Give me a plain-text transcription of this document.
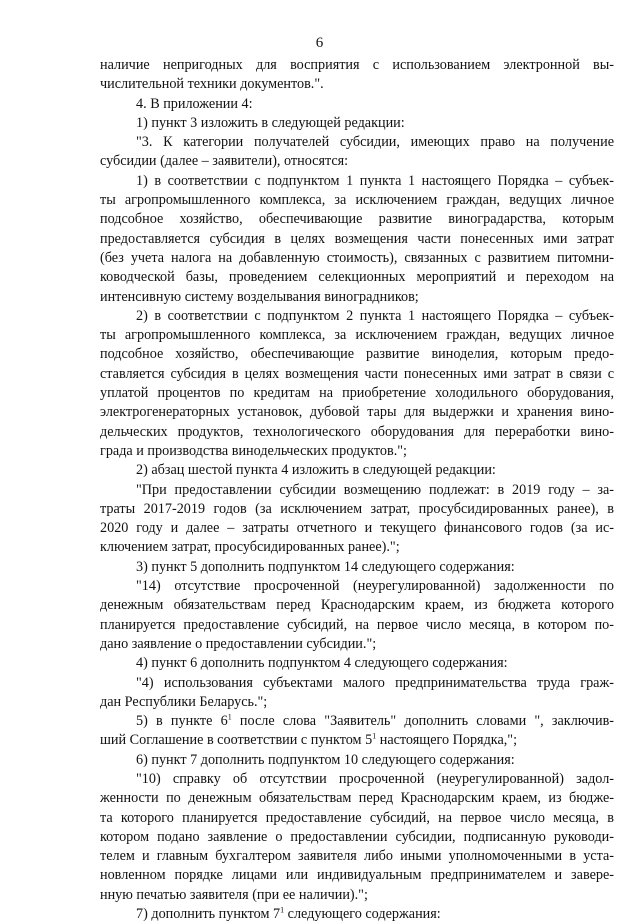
6
наличие непригодных для восприятия с использованием электронной вы-
числительной техники документов.".
4. В приложении 4:
1) пункт 3 изложить в следующей редакции:
"3. К категории получателей субсидии, имеющих право на получение
субсидии (далее – заявители), относятся:
1) в соответствии с подпунктом 1 пункта 1 настоящего Порядка – субъек-
ты агропромышленного комплекса, за исключением граждан, ведущих личное
подсобное хозяйство, обеспечивающие развитие виноградарства, которым
предоставляется субсидия в целях возмещения части понесенных ими затрат
(без учета налога на добавленную стоимость), связанных с развитием питомни-
ководческой базы, проведением селекционных мероприятий и переходом на
интенсивную систему возделывания виноградников;
2) в соответствии с подпунктом 2 пункта 1 настоящего Порядка – субъек-
ты агропромышленного комплекса, за исключением граждан, ведущих личное
подсобное хозяйство, обеспечивающие развитие виноделия, которым предо-
ставляется субсидия в целях возмещения части понесенных ими затрат в связи с
уплатой процентов по кредитам на приобретение холодильного оборудования,
электрогенераторных установок, дубовой тары для выдержки и хранения вино-
дельческих продуктов, технологического оборудования для переработки вино-
града и производства винодельческих продуктов.";
2) абзац шестой пункта 4 изложить в следующей редакции:
"При предоставлении субсидии возмещению подлежат: в 2019 году – за-
траты 2017-2019 годов (за исключением затрат, просубсидированных ранее), в
2020 году и далее – затраты отчетного и текущего финансового годов (за ис-
ключением затрат, просубсидированных ранее).";
3) пункт 5 дополнить подпунктом 14 следующего содержания:
"14) отсутствие просроченной (неурегулированной) задолженности по
денежным обязательствам перед Краснодарским краем, из бюджета которого
планируется предоставление субсидий, на первое число месяца, в котором по-
дано заявление о предоставлении субсидии.";
4) пункт 6 дополнить подпунктом 4 следующего содержания:
"4) использования субъектами малого предпринимательства труда граж-
дан Республики Беларусь.";
5) в пункте $6^1$ после слова "Заявитель" дополнить словами ", заключив-
ший Соглашение в соответствии с пунктом $5^1$ настоящего Порядка,";
6) пункт 7 дополнить подпунктом 10 следующего содержания:
"10) справку об отсутствии просроченной (неурегулированной) задол-
женности по денежным обязательствам перед Краснодарским краем, из бюдже-
та которого планируется предоставление субсидий, на первое число месяца, в
котором подано заявление о предоставлении субсидии, подписанную руководи-
телем и главным бухгалтером заявителя либо иными уполномоченными в уста-
новленном порядке лицами или индивидуальным предпринимателем и завере-
нную печатью заявителя (при ее наличии).";
7) дополнить пунктом $7^1$ следующего содержания:
